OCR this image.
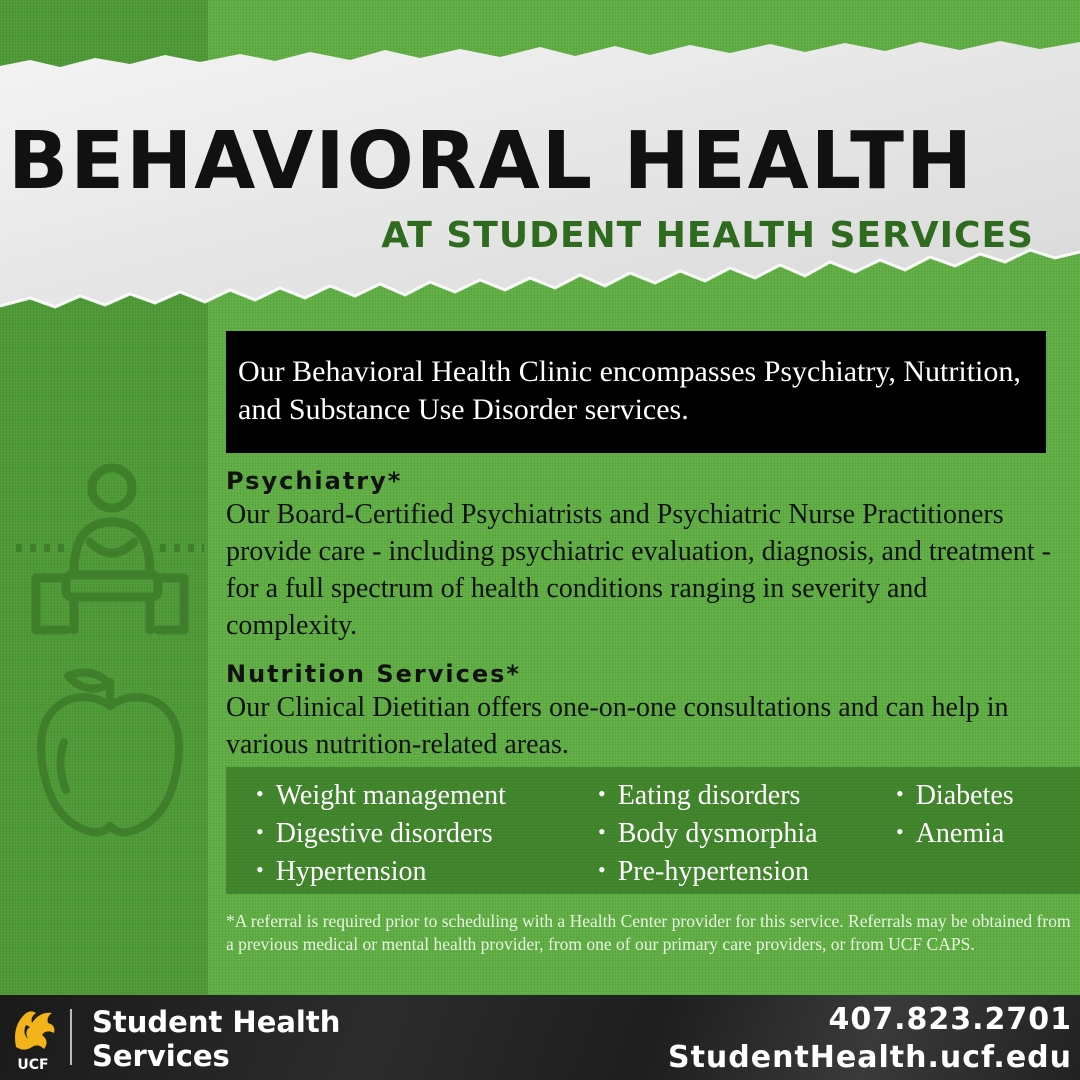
BEHAVIORAL HEALTH
AT STUDENT HEALTH SERVICES
Our Behavioral Health Clinic encompasses Psychiatry, Nutrition, and Substance Use Disorder services.
Psychiatry*
Our Board-Certified Psychiatrists and Psychiatric Nurse Practitioners provide care - including psychiatric evaluation, diagnosis, and treatment - for a full spectrum of health conditions ranging in severity and complexity.
Nutrition Services*
Our Clinical Dietitian offers one-on-one consultations and can help in various nutrition-related areas.
• Weight management
• Digestive disorders
• Hypertension
• Eating disorders
• Body dysmorphia
• Pre-hypertension
• Diabetes
• Anemia
*A referral is required prior to scheduling with a Health Center provider for this service. Referrals may be obtained from a previous medical or mental health provider, from one of our primary care providers, or from UCF CAPS.
UCF
Student Health
Services
407.823.2701
StudentHealth.ucf.edu
